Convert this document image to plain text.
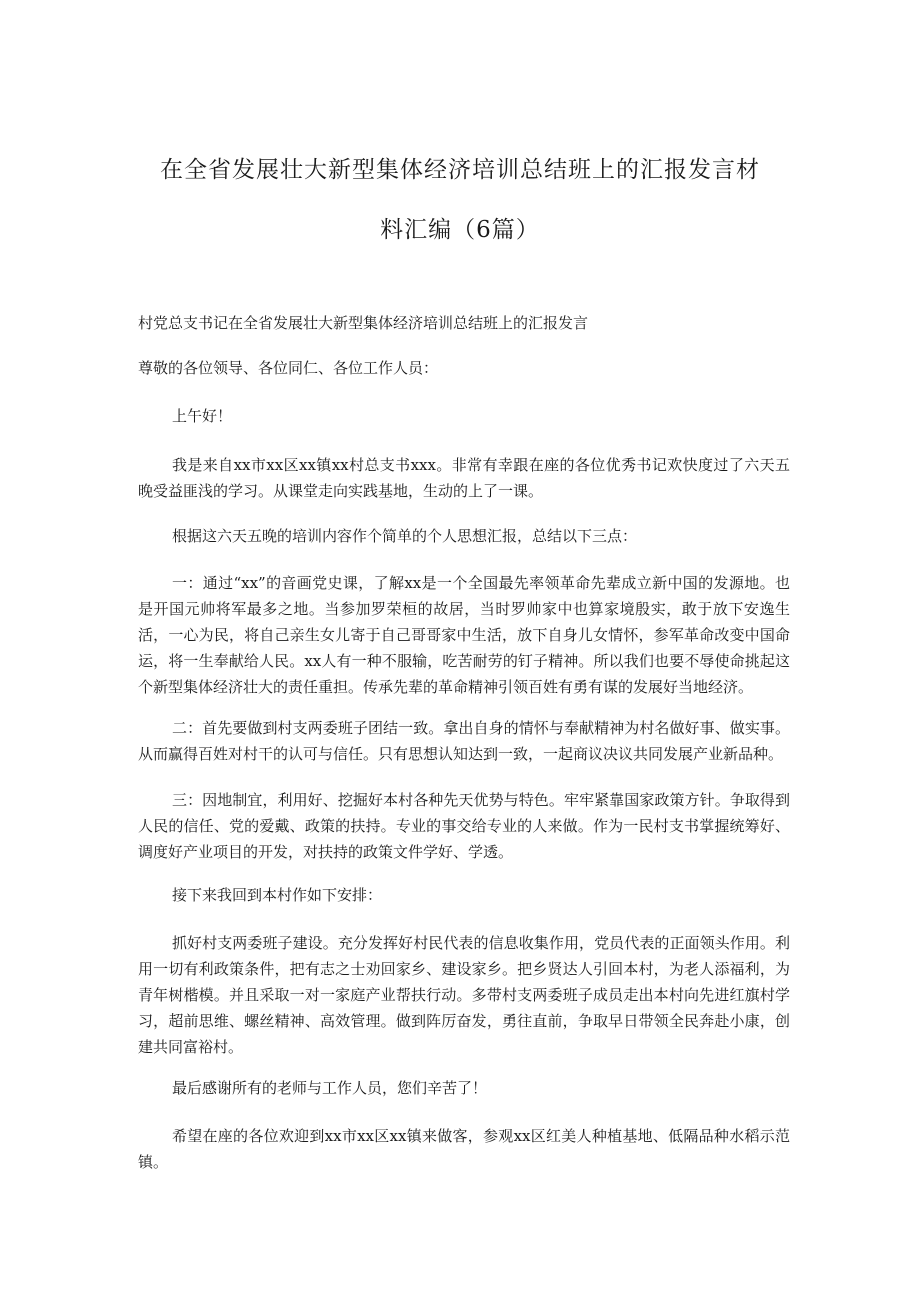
在全省发展壮大新型集体经济培训总结班上的汇报发言材
料汇编（6篇）

村党总支书记在全省发展壮大新型集体经济培训总结班上的汇报发言

尊敬的各位领导、各位同仁、各位工作人员：

上午好！

我是来自xx市xx区xx镇xx村总支书xxx。非常有幸跟在座的各位优秀书记欢快度过了六天五晚受益匪浅的学习。从课堂走向实践基地，生动的上了一课。

根据这六天五晚的培训内容作个简单的个人思想汇报，总结以下三点：

一：通过“xx”的音画党史课，了解xx是一个全国最先率领革命先辈成立新中国的发源地。也是开国元帅将军最多之地。当参加罗荣桓的故居，当时罗帅家中也算家境殷实，敢于放下安逸生活，一心为民，将自己亲生女儿寄于自己哥哥家中生活，放下自身儿女情怀，参军革命改变中国命运，将一生奉献给人民。xx人有一种不服输，吃苦耐劳的钉子精神。所以我们也要不辱使命挑起这个新型集体经济壮大的责任重担。传承先辈的革命精神引领百姓有勇有谋的发展好当地经济。

二：首先要做到村支两委班子团结一致。拿出自身的情怀与奉献精神为村名做好事、做实事。从而赢得百姓对村干的认可与信任。只有思想认知达到一致，一起商议决议共同发展产业新品种。

三：因地制宜，利用好、挖掘好本村各种先天优势与特色。牢牢紧靠国家政策方针。争取得到人民的信任、党的爱戴、政策的扶持。专业的事交给专业的人来做。作为一民村支书掌握统筹好、调度好产业项目的开发，对扶持的政策文件学好、学透。

接下来我回到本村作如下安排：

抓好村支两委班子建设。充分发挥好村民代表的信息收集作用，党员代表的正面领头作用。利用一切有利政策条件，把有志之士劝回家乡、建设家乡。把乡贤达人引回本村，为老人添福利，为青年树楷模。并且采取一对一家庭产业帮扶行动。多带村支两委班子成员走出本村向先进红旗村学习，超前思维、螺丝精神、高效管理。做到阵厉奋发，勇往直前，争取早日带领全民奔赴小康，创建共同富裕村。

最后感谢所有的老师与工作人员，您们辛苦了！

希望在座的各位欢迎到xx市xx区xx镇来做客，参观xx区红美人种植基地、低隔品种水稻示范镇。
